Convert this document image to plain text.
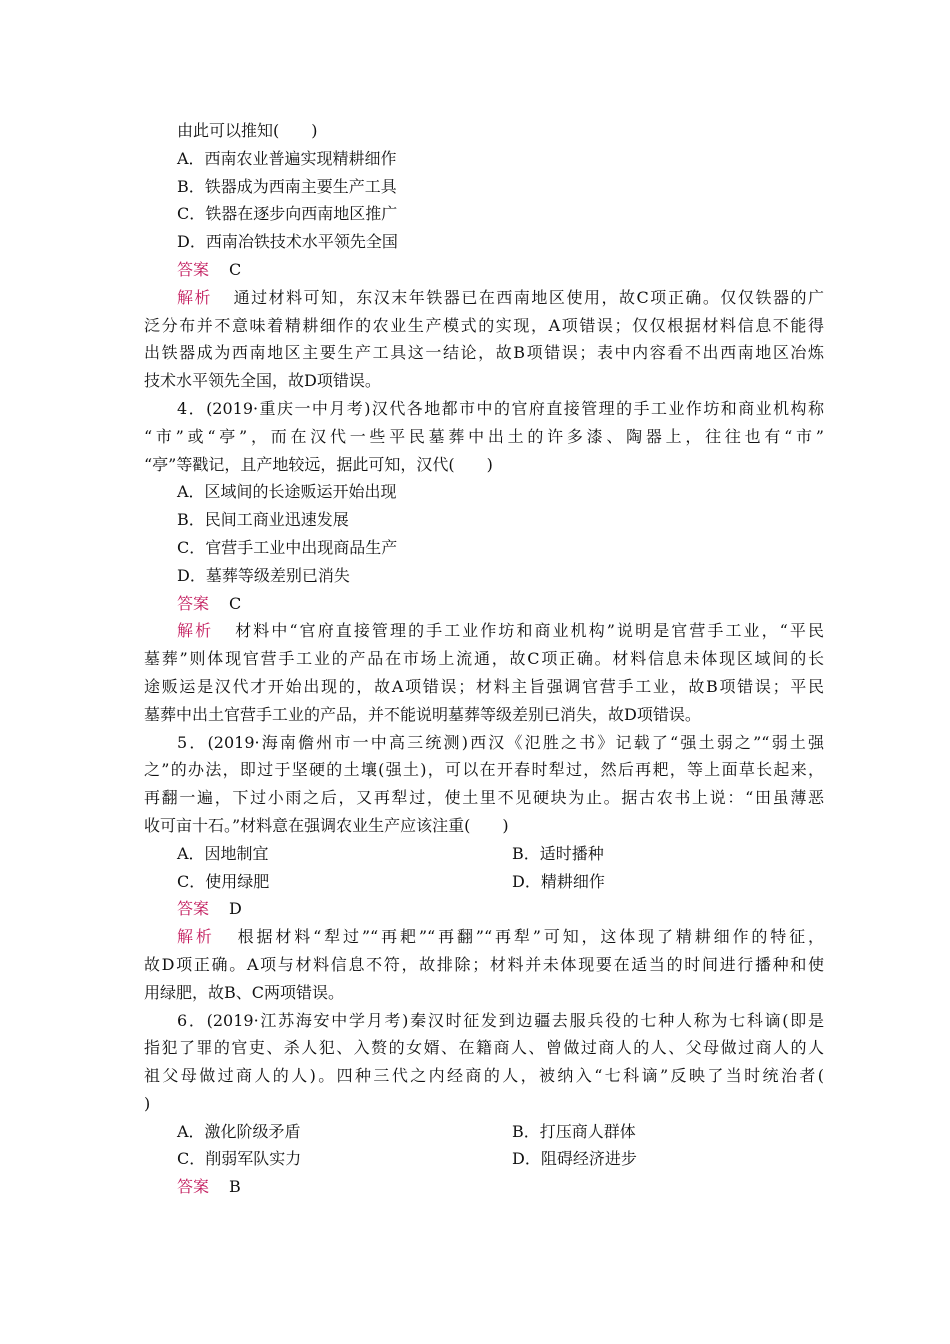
由此可以推知(　　)
A．西南农业普遍实现精耕细作
B．铁器成为西南主要生产工具
C．铁器在逐步向西南地区推广
D．西南冶铁技术水平领先全国
答案 C
解析 通过材料可知，东汉末年铁器已在西南地区使用，故C项正确。仅仅铁器的广
泛分布并不意味着精耕细作的农业生产模式的实现，A项错误；仅仅根据材料信息不能得
出铁器成为西南地区主要生产工具这一结论，故B项错误；表中内容看不出西南地区冶炼
技术水平领先全国，故D项错误。
4．(2019·重庆一中月考)汉代各地都市中的官府直接管理的手工业作坊和商业机构称
“市”或“亭”，而在汉代一些平民墓葬中出土的许多漆、陶器上，往往也有“市”
“亭”等戳记，且产地较远，据此可知，汉代(　　)
A．区域间的长途贩运开始出现
B．民间工商业迅速发展
C．官营手工业中出现商品生产
D．墓葬等级差别已消失
答案 C
解析 材料中“官府直接管理的手工业作坊和商业机构”说明是官营手工业，“平民
墓葬”则体现官营手工业的产品在市场上流通，故C项正确。材料信息未体现区域间的长
途贩运是汉代才开始出现的，故A项错误；材料主旨强调官营手工业，故B项错误；平民
墓葬中出土官营手工业的产品，并不能说明墓葬等级差别已消失，故D项错误。
5．(2019·海南儋州市一中高三统测)西汉《氾胜之书》记载了“强土弱之”“弱土强
之”的办法，即过于坚硬的土壤(强土)，可以在开春时犁过，然后再耙，等上面草长起来，
再翻一遍，下过小雨之后，又再犁过，使土里不见硬块为止。据古农书上说：“田虽薄恶
收可亩十石。”材料意在强调农业生产应该注重(　　)
A．因地制宜	B．适时播种
C．使用绿肥	D．精耕细作
答案 D
解析 根据材料“犁过”“再耙”“再翻”“再犁”可知，这体现了精耕细作的特征，
故D项正确。A项与材料信息不符，故排除；材料并未体现要在适当的时间进行播种和使
用绿肥，故B、C两项错误。
6．(2019·江苏海安中学月考)秦汉时征发到边疆去服兵役的七种人称为七科谪(即是
指犯了罪的官吏、杀人犯、入赘的女婿、在籍商人、曾做过商人的人、父母做过商人的人
祖父母做过商人的人)。四种三代之内经商的人，被纳入“七科谪”反映了当时统治者(
)
A．激化阶级矛盾	B．打压商人群体
C．削弱军队实力	D．阻碍经济进步
答案 B
